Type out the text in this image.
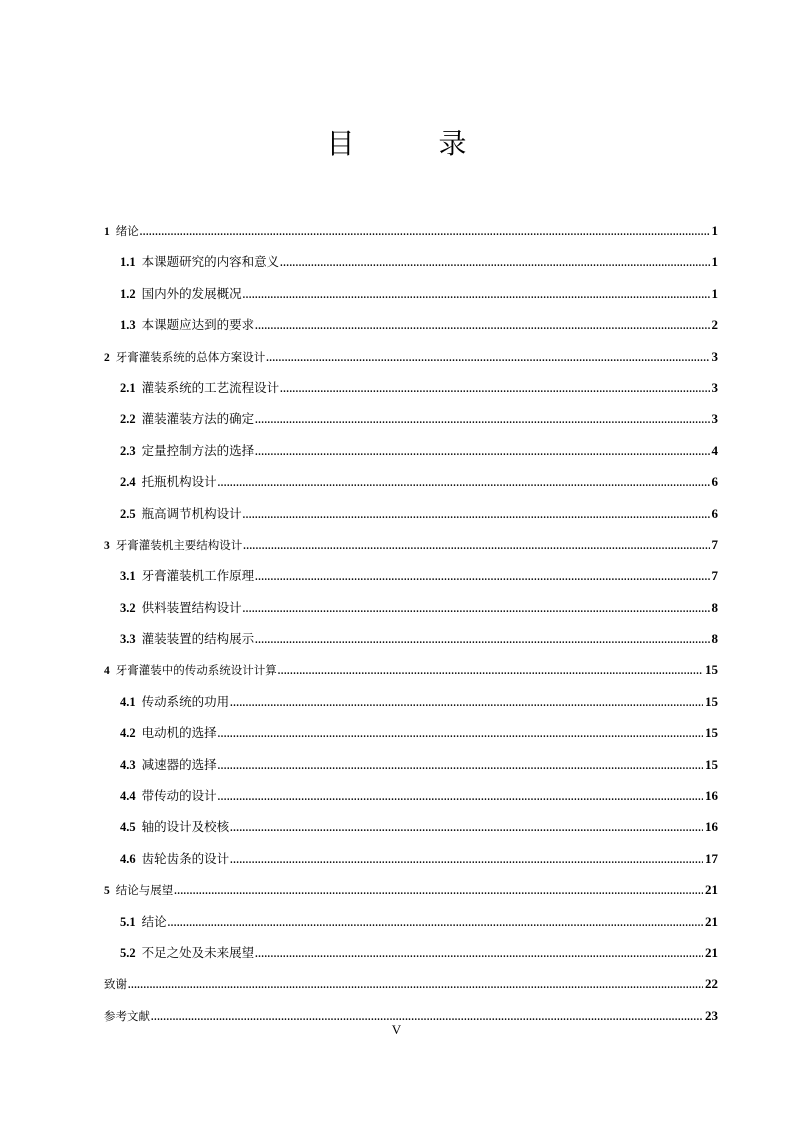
目　录
1 绪论 .....	1
1.1 本课题研究的内容和意义 .....	1
1.2 国内外的发展概况 .....	1
1.3 本课题应达到的要求 .....	2
2 牙膏灌装系统的总体方案设计 .....	3
2.1 灌装系统的工艺流程设计 .....	3
2.2 灌装灌装方法的确定 .....	3
2.3 定量控制方法的选择 .....	4
2.4 托瓶机构设计 .....	6
2.5 瓶高调节机构设计 .....	6
3 牙膏灌装机主要结构设计 .....	7
3.1 牙膏灌装机工作原理 .....	7
3.2 供料装置结构设计 .....	8
3.3 灌装装置的结构展示 .....	8
4 牙膏灌装中的传动系统设计计算 .....	15
4.1 传动系统的功用 .....	15
4.2 电动机的选择 .....	15
4.3 减速器的选择 .....	15
4.4 带传动的设计 .....	16
4.5 轴的设计及校核 .....	16
4.6 齿轮齿条的设计 .....	17
5 结论与展望 .....	21
5.1 结论 .....	21
5.2 不足之处及未来展望 .....	21
致谢 .....	22
参考文献 .....	23
V
